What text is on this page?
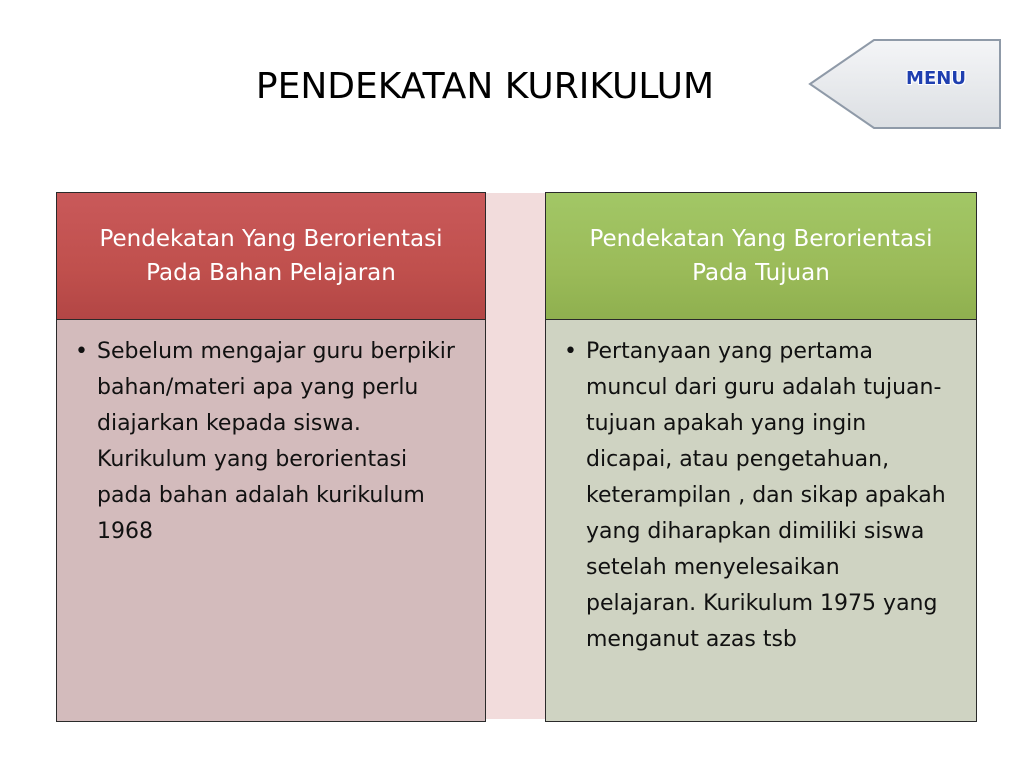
PENDEKATAN KURIKULUM	MENU
Pendekatan Yang Berorientasi Pada Bahan Pelajaran
• Sebelum mengajar guru berpikir bahan/materi apa yang perlu diajarkan kepada siswa. Kurikulum yang berorientasi pada bahan adalah kurikulum 1968
Pendekatan Yang Berorientasi Pada Tujuan
• Pertanyaan yang pertama muncul dari guru adalah tujuan-tujuan apakah yang ingin dicapai, atau pengetahuan, keterampilan , dan sikap apakah yang diharapkan dimiliki siswa setelah menyelesaikan pelajaran. Kurikulum 1975 yang menganut azas tsb
